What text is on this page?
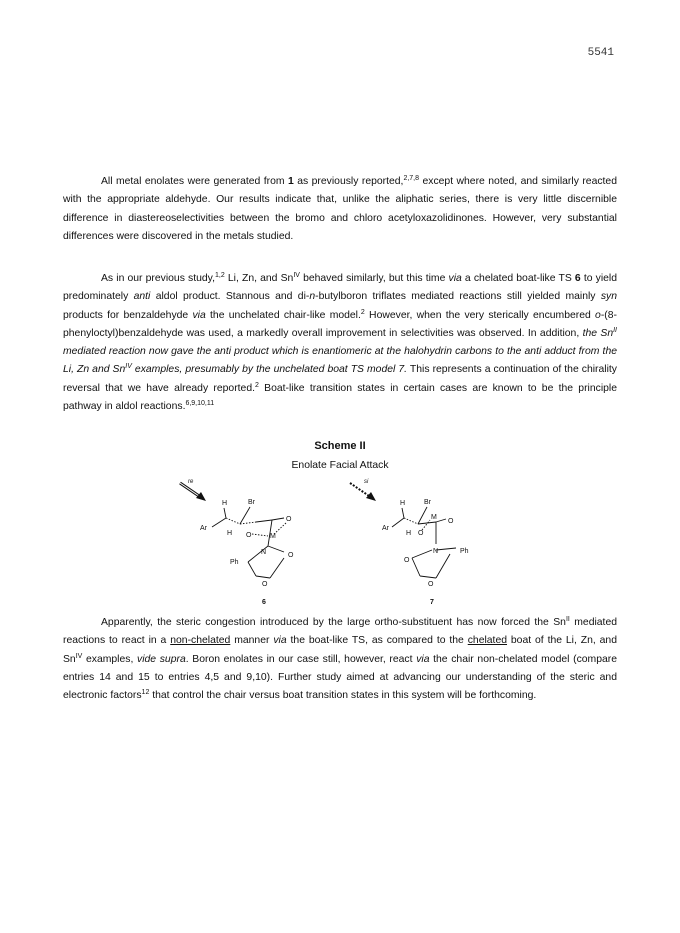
5541

All metal enolates were generated from 1 as previously reported,$^{2,7,8}$ except where noted, and similarly reacted with the appropriate aldehyde. Our results indicate that, unlike the aliphatic series, there is very little discernible difference in diastereoselectivities between the bromo and chloro acetyloxazolidinones. However, very substantial differences were discovered in the metals studied.

As in our previous study,$^{1,2}$ Li, Zn, and $Sn^{IV}$ behaved similarly, but this time via a chelated boat-like TS 6 to yield predominately anti aldol product. Stannous and di-n-butylboron triflates mediated reactions still yielded mainly syn products for benzaldehyde via the unchelated chair-like model.$^2$ However, when the very sterically encumbered o-(8-phenyloctyl)benzaldehyde was used, a markedly overall improvement in selectivities was observed. In addition, the $Sn^{II}$ mediated reaction now gave the anti product which is enantiomeric at the halohydrin carbons to the anti adduct from the Li, Zn and $Sn^{IV}$ examples, presumably by the unchelated boat TS model 7. This represents a continuation of the chirality reversal that we have already reported.$^2$ Boat-like transition states in certain cases are known to be the principle pathway in aldol reactions.$^{6,9,10,11}$

Scheme II
Enolate Facial Attack
re
H	Br
Ar
H O	M
O
N	O
Ph
O
6
si
H	Br
Ar
H O
M
O
N	Ph
O
O
7

Apparently, the steric congestion introduced by the large ortho-substituent has now forced the $Sn^{II}$ mediated reactions to react in a non-chelated manner via the boat-like TS, as compared to the chelated boat of the Li, Zn, and $Sn^{IV}$ examples, vide supra. Boron enolates in our case still, however, react via the chair non-chelated model (compare entries 14 and 15 to entries 4,5 and 9,10). Further study aimed at advancing our understanding of the steric and electronic factors$^{12}$ that control the chair versus boat transition states in this system will be forthcoming.
